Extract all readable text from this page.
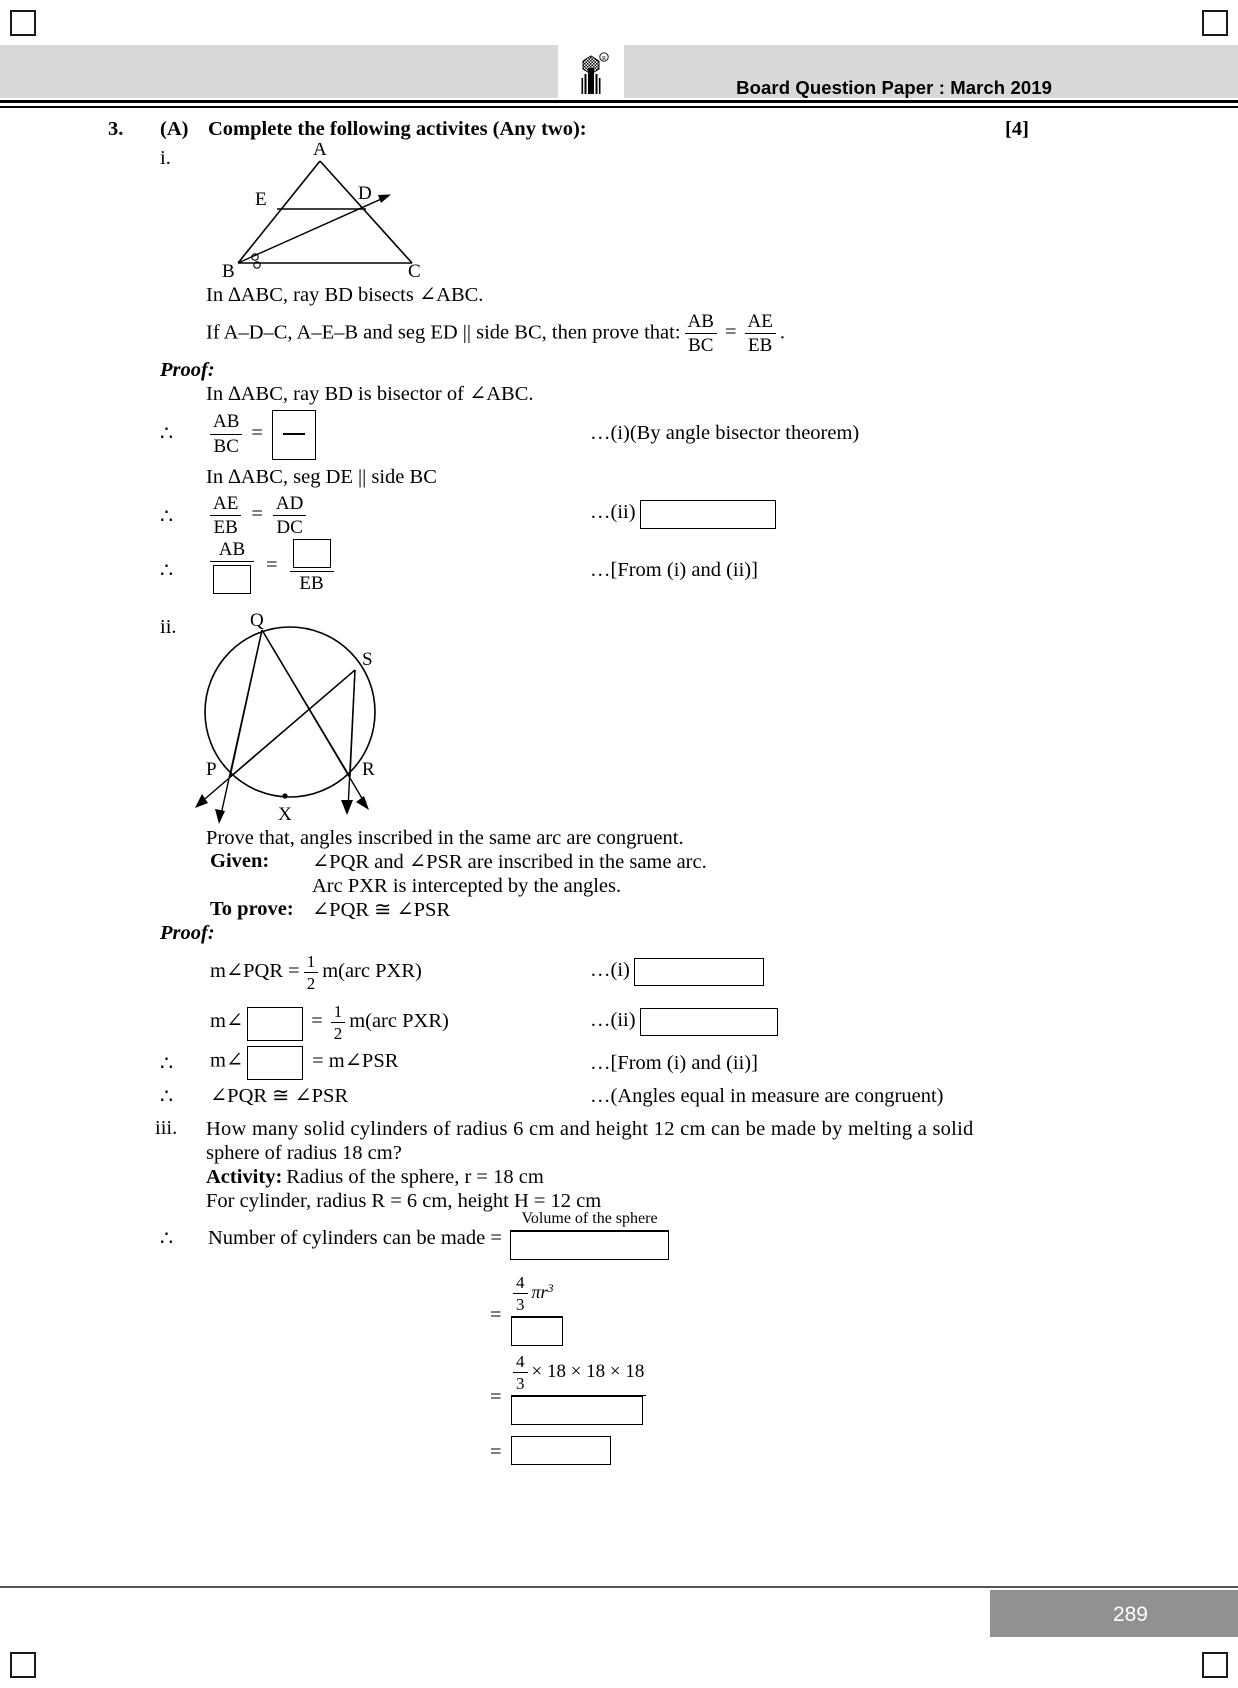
R
Board Question Paper : March 2019
3. (A) Complete the following activites (Any two):	[4]
i.	A
B	C
E	D
In ∆ABC, ray BD bisects ∠ABC.
If A–D–C, A–E–B and seg ED || side BC, then prove that: $\frac{AB}{BC} = \frac{AE}{EB}$ .
Proof:
In ∆ABC, ray BD is bisector of ∠ABC.
∴ $\frac{AB}{BC}$ =	…(i)(By angle bisector theorem)
In ∆ABC, seg DE || side BC
∴ $\frac{AE}{EB} = \frac{AD}{DC}$	…(ii)
∴
AB
=
EB
…[From (i) and (ii)]
ii.	Q
S
P	R
X
Prove that, angles inscribed in the same arc are congruent.
Given: ∠PQR and ∠PSR are inscribed in the same arc.
Arc PXR is intercepted by the angles.
To prove: ∠PQR ≅ ∠PSR
Proof:
m∠PQR = $\frac{1}{2} m(arc$ PXR)	…(i)
m∠	= $\frac{1}{2} m(arc$ PXR)	…(ii)
∴ m∠	= m∠PSR	…[From (i) and (ii)]
∴ ∠PQR ≅ ∠PSR	…(Angles equal in measure are congruent)
iii. How many solid cylinders of radius 6 cm and height 12 cm can be made by melting a solid
sphere of radius 18 cm?
Activity: Radius of the sphere, r = 18 cm
For cylinder, radius R = 6 cm, height H = 12 cm
∴ Number of cylinders can be made =
Volume of the sphere
=
$\frac{4}{3} \pi r^3$
=
$\frac{4}{3} \times 18 \times 18 \times 18$
=
289
